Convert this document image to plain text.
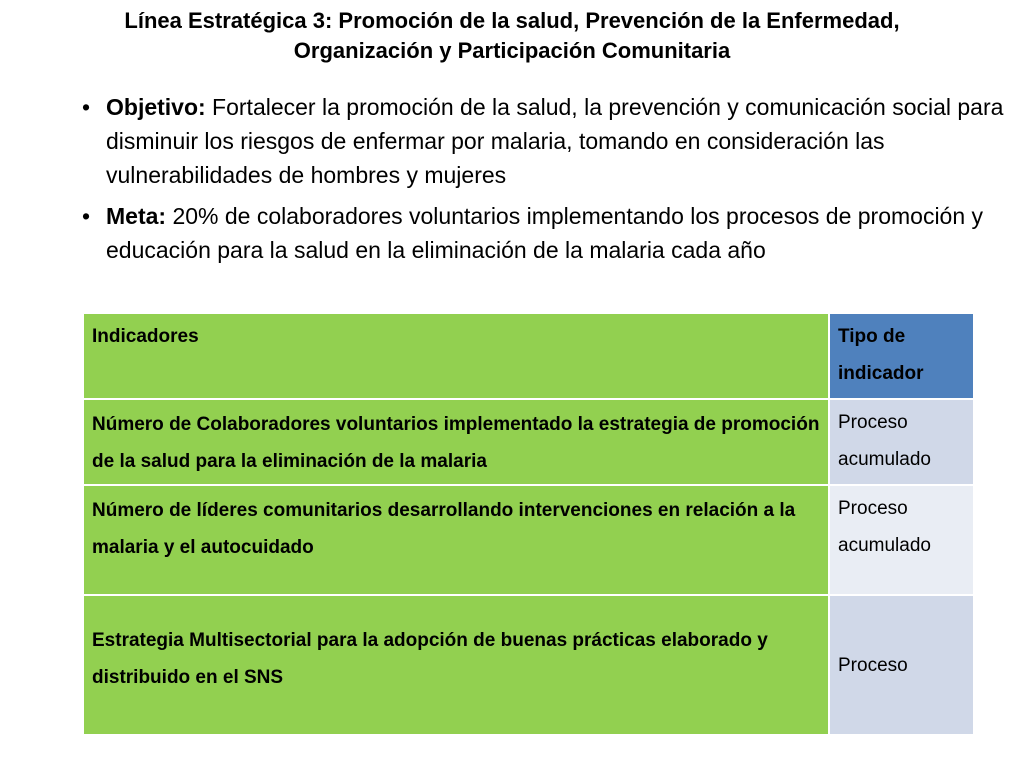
Línea Estratégica 3: Promoción de la salud, Prevención de la Enfermedad,
Organización y Participación Comunitaria
• Objetivo: Fortalecer la promoción de la salud, la prevención y comunicación social para disminuir los riesgos de enfermar por malaria, tomando en consideración las vulnerabilidades de hombres y mujeres
• Meta: 20% de colaboradores voluntarios implementando los procesos de promoción y educación para la salud en la eliminación de la malaria cada año
Indicadores	Tipo de indicador
Número de Colaboradores voluntarios implementado la estrategia de promoción de la salud para la eliminación de la malaria	Proceso acumulado
Número de líderes comunitarios desarrollando intervenciones en relación a la malaria y el autocuidado	Proceso acumulado
Estrategia Multisectorial para la adopción de buenas prácticas elaborado y distribuido en el SNS	Proceso
